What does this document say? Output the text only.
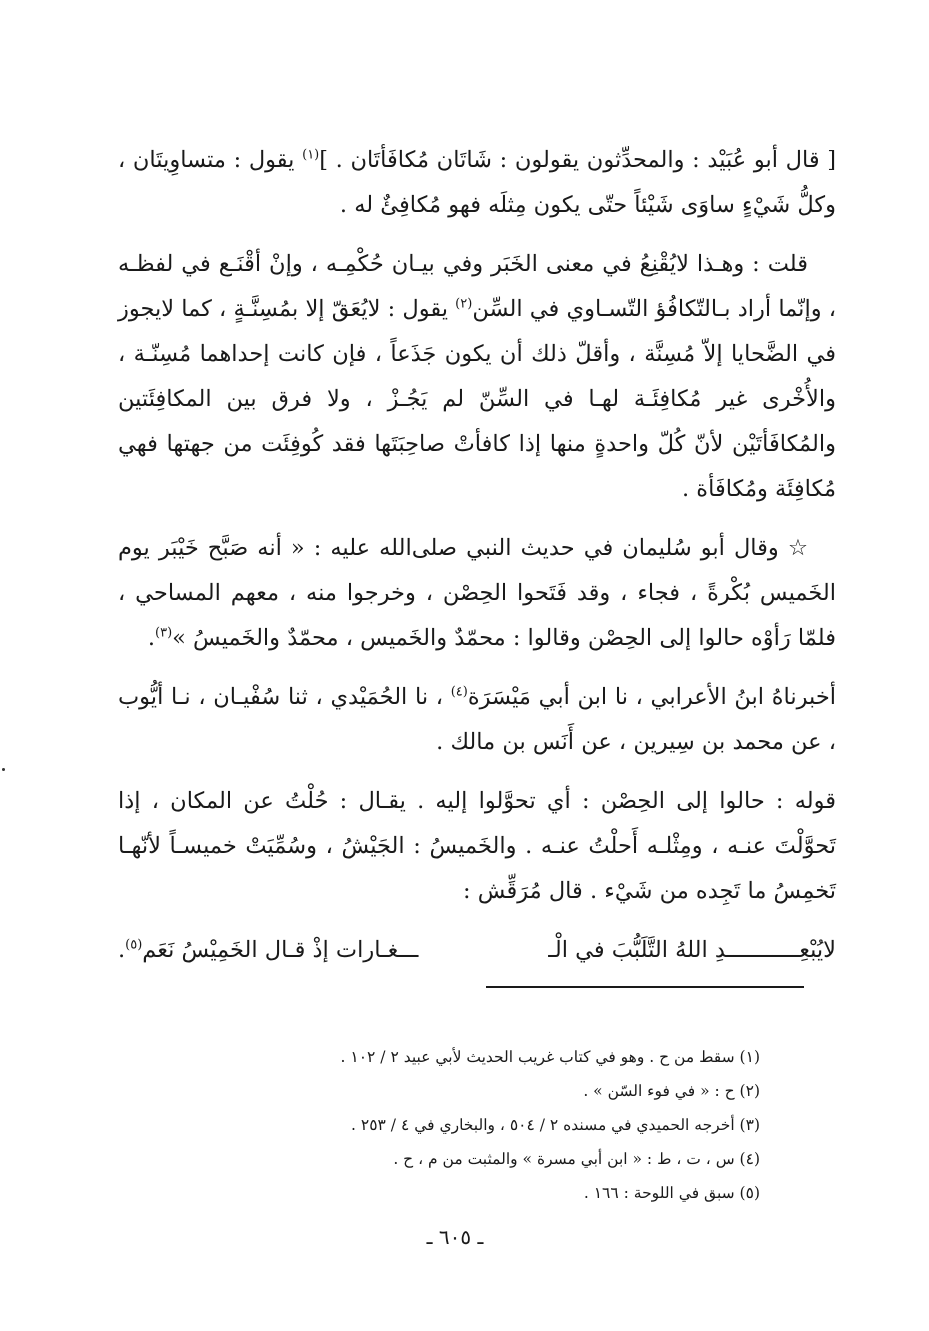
[ قال أبو عُبَيْد : والمحدِّثون يقولون : شَاتَان مُكافَأتَان . ]$^{(١)}$ يقول : متساوِيتَان ، وكلُّ شَيْءٍ ساوَى شَيْئاً حتّى يكون مِثلَه فهو مُكافِئٌ له .

قلت : وهـذا لايُقْنِعُ في معنى الخَبَر وفي بيـان حُكْمِـه ، وإنْ أقْنَـع في لفظـه ، وإنّما أراد بـالتّكافُؤ التّسـاوي في السِّن$^{(٢)}$ يقول : لايُعَقّ إلا بمُسِنَّـةٍ ، كما لايجوز في الضَّحايا إلاّ مُسِنَّة ، وأقلّ ذلك أن يكون جَذَعاً ، فإن كانت إحداهما مُسِنّـة ، والأُخْرى غير مُكافِئَـة لهـا في السِّنّ لم يَجُـزْ ، ولا فرق بين المكافِئَتين والمُكافَأتَيْن لأنّ كُلّ واحدةٍ منها إذا كافأتْ صاحِبَتَها فقد كُوفِئَت من جهتها فهي مُكافِئَة ومُكافَأة .

☆ وقال أبو سُليمان في حديث النبي صلى‌الله عليه : « أنه صَبَّح خَيْبَر يوم الخَميس بُكْرةً ، فجاء ، وقد فَتَحوا الحِصْن ، وخرجوا منه ، معهم المساحي ، فلمّا رَأوْه حالوا إلى الحِصْن وقالوا : محمّدٌ والخَميس ، محمّدٌ والخَميسُ »$^{(٣)}$.

أخبرناهُ ابنُ الأعرابي ، نا ابن أبي مَيْسَرَة$^{(٤)}$ ، نا الحُمَيْدي ، ثنا سُفْيـان ، نـا أيُّوب ، عن محمد بن سِيرين ، عن أَنَس بن مالك .

قوله : حالوا إلى الحِصْن : أي تحوَّلوا إليه . يقـال : حُلْتُ عن المكان ، إذا تَحوَّلْتَ عنـه ، ومِثْلـه أَحلْتُ عنـه . والخَميسُ : الجَيْشُ ، وسُمِّيَتْ خميسـاً لأنّهـا تَخمِسُ ما تَجِده من شَيْء . قال مُرَقِّش :

لايُبْعِـــــــــــدِ اللهُ التَّلَبُّبَ في الْـ
ـــغـارات إذْ قـال الخَمِيْسُ نَعَم$^{(٥)}$.

(١) سقط من ح . وهو في كتاب غريب الحديث لأبي عبيد ٢ / ١٠٢ .

(٢) ح : « في فوء السّن » .

(٣) أخرجه الحميدي في مسنده ٢ / ٥٠٤ ، والبخاري في ٤ / ٢٥٣ .

(٤) س ، ت ، ط : « ابن أبي مسرة » والمثبت من م ، ح .

(٥) سبق في اللوحة : ١٦٦ .

ـ ٦٠٥ ـ
